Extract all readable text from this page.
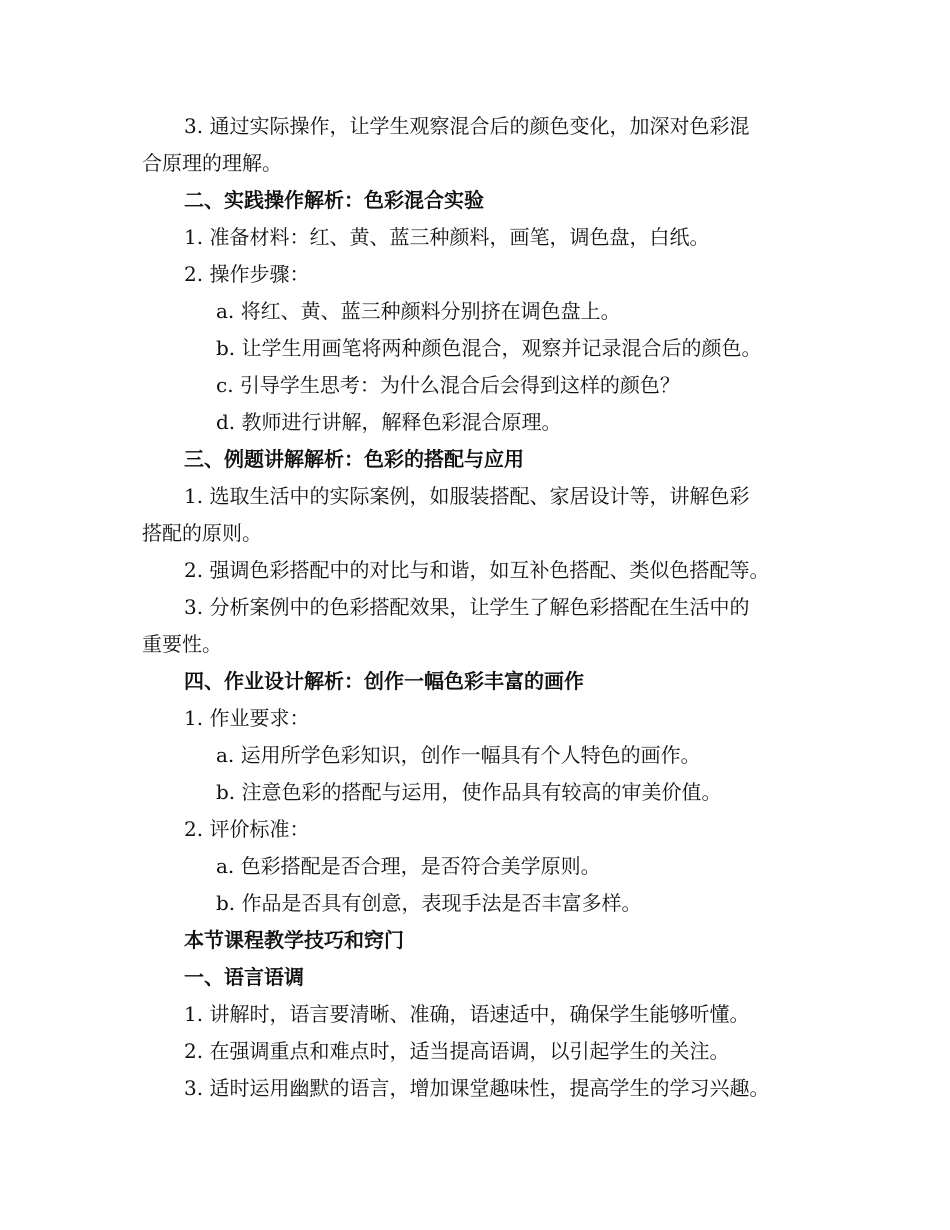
3. 通过实际操作，让学生观察混合后的颜色变化，加深对色彩混
合原理的理解。
二、实践操作解析：色彩混合实验
1. 准备材料：红、黄、蓝三种颜料，画笔，调色盘，白纸。
2. 操作步骤：
a. 将红、黄、蓝三种颜料分别挤在调色盘上。
b. 让学生用画笔将两种颜色混合，观察并记录混合后的颜色。
c. 引导学生思考：为什么混合后会得到这样的颜色？
d. 教师进行讲解，解释色彩混合原理。
三、例题讲解解析：色彩的搭配与应用
1. 选取生活中的实际案例，如服装搭配、家居设计等，讲解色彩
搭配的原则。
2. 强调色彩搭配中的对比与和谐，如互补色搭配、类似色搭配等。
3. 分析案例中的色彩搭配效果，让学生了解色彩搭配在生活中的
重要性。
四、作业设计解析：创作一幅色彩丰富的画作
1. 作业要求：
a. 运用所学色彩知识，创作一幅具有个人特色的画作。
b. 注意色彩的搭配与运用，使作品具有较高的审美价值。
2. 评价标准：
a. 色彩搭配是否合理，是否符合美学原则。
b. 作品是否具有创意，表现手法是否丰富多样。
本节课程教学技巧和窍门
一、语言语调
1. 讲解时，语言要清晰、准确，语速适中，确保学生能够听懂。
2. 在强调重点和难点时，适当提高语调，以引起学生的关注。
3. 适时运用幽默的语言，增加课堂趣味性，提高学生的学习兴趣。
